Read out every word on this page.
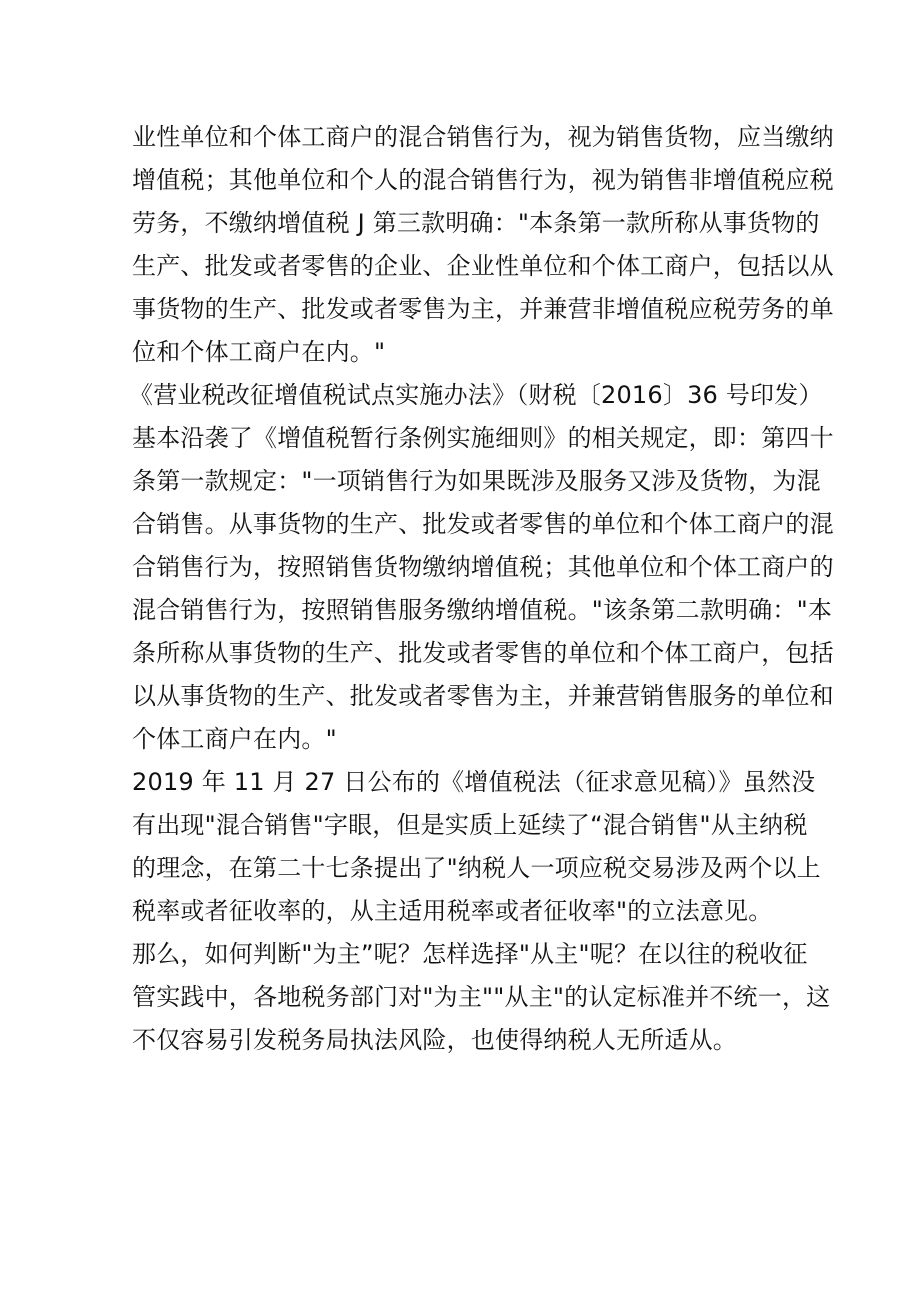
业性单位和个体工商户的混合销售行为，视为销售货物，应当缴纳
增值税；其他单位和个人的混合销售行为，视为销售非增值税应税
劳务，不缴纳增值税 J 第三款明确："本条第一款所称从事货物的
生产、批发或者零售的企业、企业性单位和个体工商户，包括以从
事货物的生产、批发或者零售为主，并兼营非增值税应税劳务的单
位和个体工商户在内。"
《营业税改征增值税试点实施办法》（财税〔2016〕36 号印发）
基本沿袭了《增值税暂行条例实施细则》的相关规定，即：第四十
条第一款规定："一项销售行为如果既涉及服务又涉及货物，为混
合销售。从事货物的生产、批发或者零售的单位和个体工商户的混
合销售行为，按照销售货物缴纳增值税；其他单位和个体工商户的
混合销售行为，按照销售服务缴纳增值税。"该条第二款明确："本
条所称从事货物的生产、批发或者零售的单位和个体工商户，包括
以从事货物的生产、批发或者零售为主，并兼营销售服务的单位和
个体工商户在内。"
2019 年 11 月 27 日公布的《增值税法（征求意见稿）》虽然没
有出现"混合销售"字眼，但是实质上延续了“混合销售"从主纳税
的理念，在第二十七条提出了"纳税人一项应税交易涉及两个以上
税率或者征收率的，从主适用税率或者征收率"的立法意见。
那么，如何判断"为主”呢？怎样选择"从主"呢？在以往的税收征
管实践中，各地税务部门对"为主""从主"的认定标准并不统一，这
不仅容易引发税务局执法风险，也使得纳税人无所适从。
